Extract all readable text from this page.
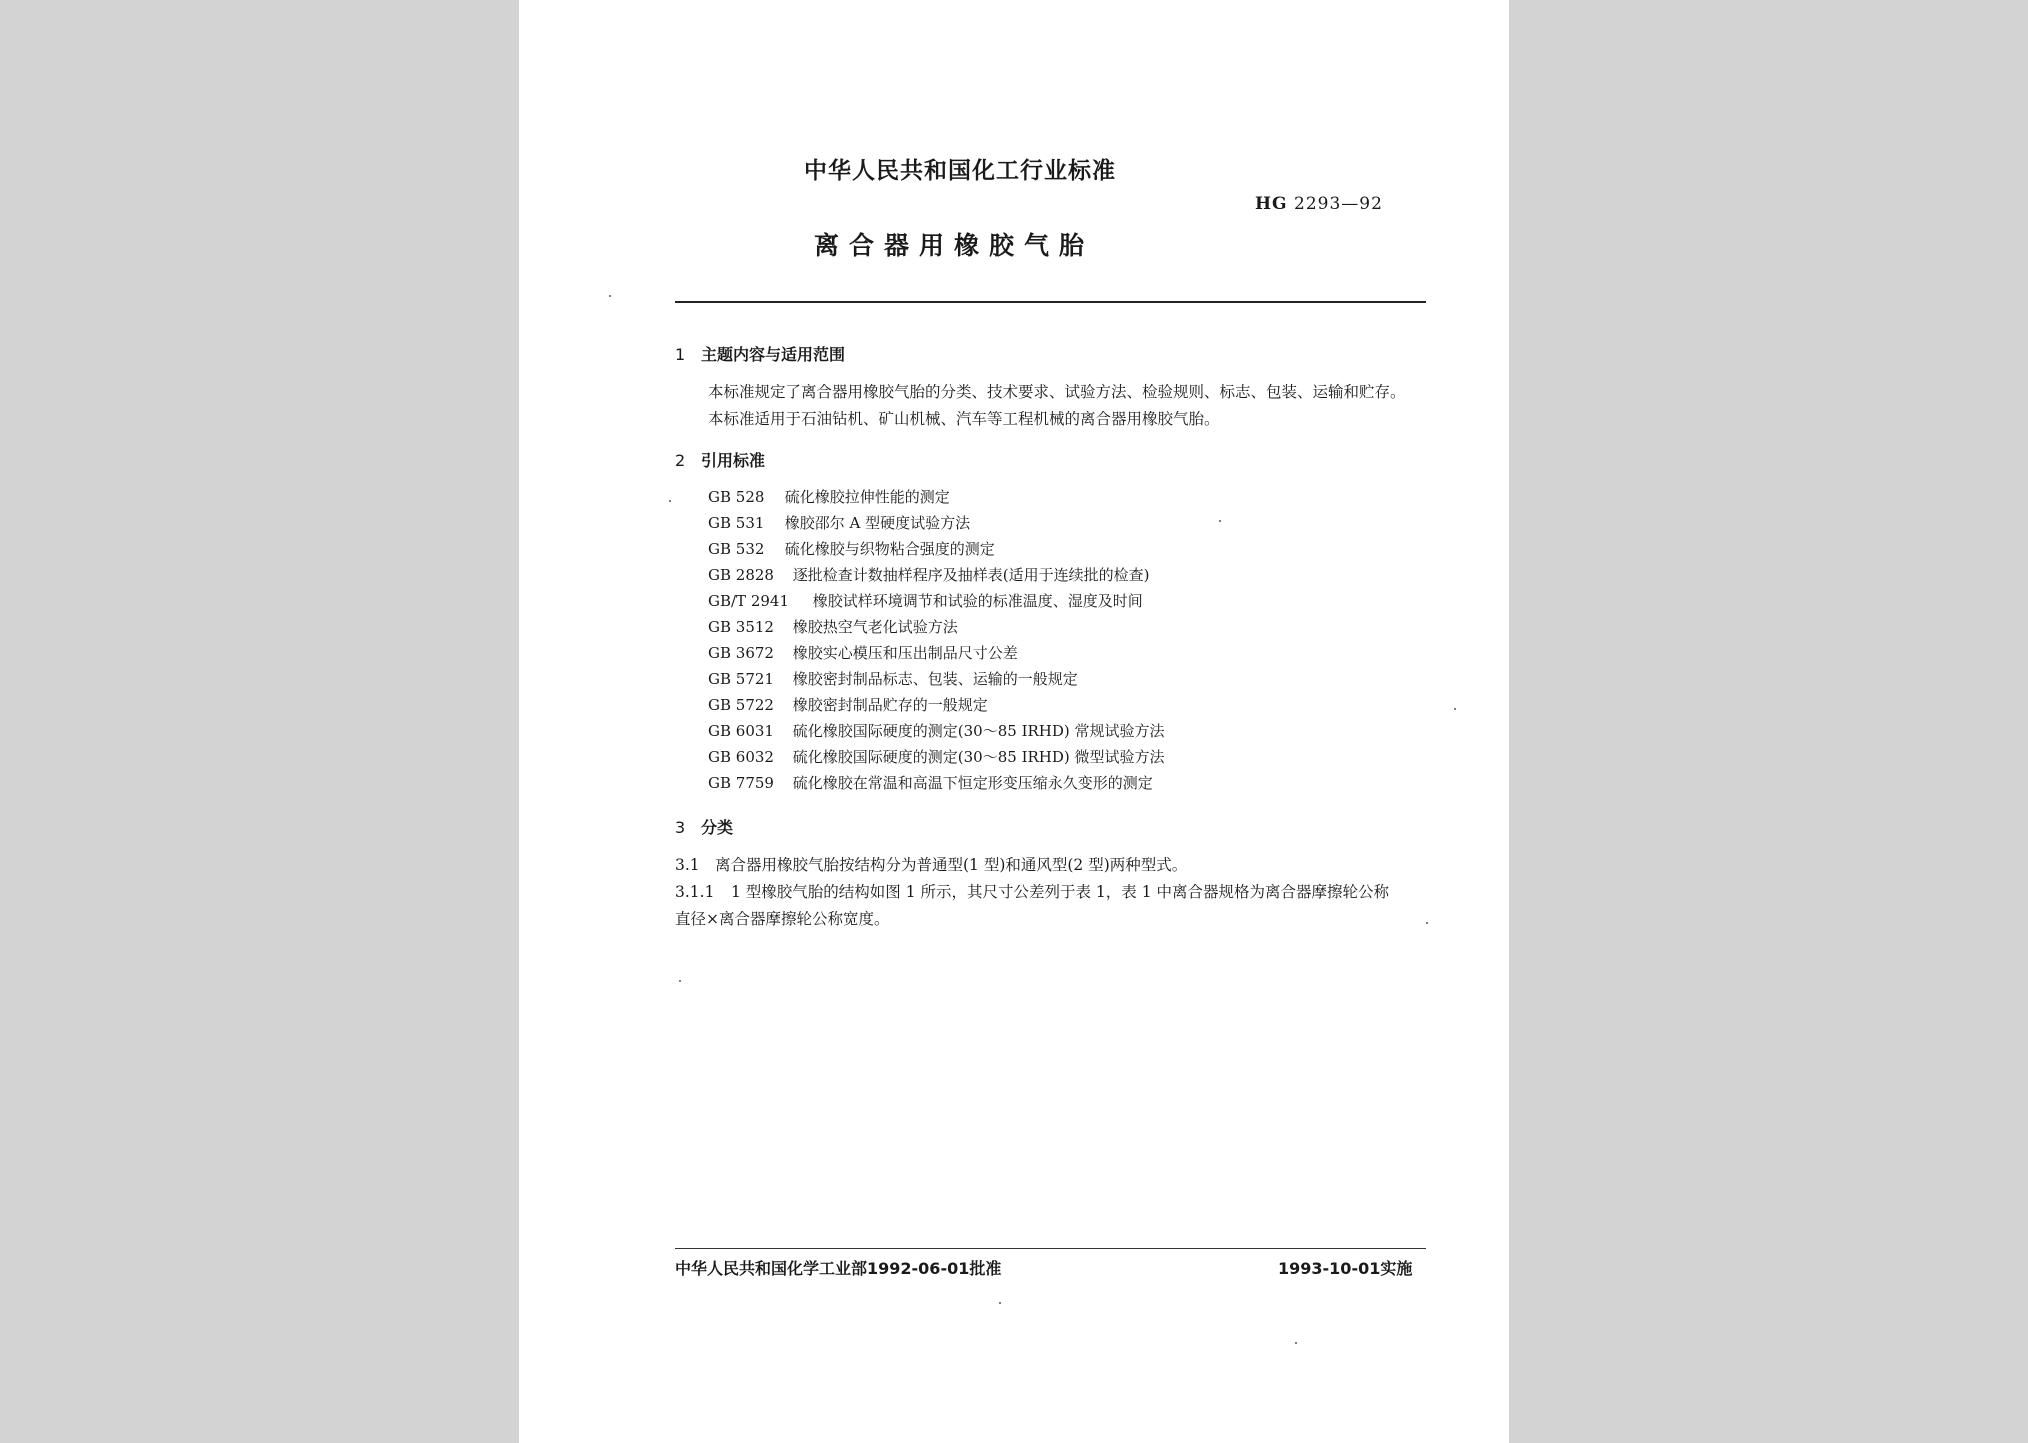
中华人民共和国化工行业标准
HG 2293—92
离合器用橡胶气胎
1 主题内容与适用范围
本标准规定了离合器用橡胶气胎的分类、技术要求、试验方法、检验规则、标志、包装、运输和贮存。
本标准适用于石油钻机、矿山机械、汽车等工程机械的离合器用橡胶气胎。
2 引用标准
GB 528 硫化橡胶拉伸性能的测定
GB 531 橡胶邵尔 A 型硬度试验方法
GB 532 硫化橡胶与织物粘合强度的测定
GB 2828 逐批检查计数抽样程序及抽样表(适用于连续批的检查)
GB/T 2941 橡胶试样环境调节和试验的标准温度、湿度及时间
GB 3512 橡胶热空气老化试验方法
GB 3672 橡胶实心模压和压出制品尺寸公差
GB 5721 橡胶密封制品标志、包装、运输的一般规定
GB 5722 橡胶密封制品贮存的一般规定
GB 6031 硫化橡胶国际硬度的测定(30～85 IRHD) 常规试验方法
GB 6032 硫化橡胶国际硬度的测定(30～85 IRHD) 微型试验方法
GB 7759 硫化橡胶在常温和高温下恒定形变压缩永久变形的测定
3 分类
3.1 离合器用橡胶气胎按结构分为普通型(1 型)和通风型(2 型)两种型式。
3.1.1 1 型橡胶气胎的结构如图 1 所示，其尺寸公差列于表 1，表 1 中离合器规格为离合器摩擦轮公称
直径×离合器摩擦轮公称宽度。
中华人民共和国化学工业部1992-06-01批准	1993-10-01实施
